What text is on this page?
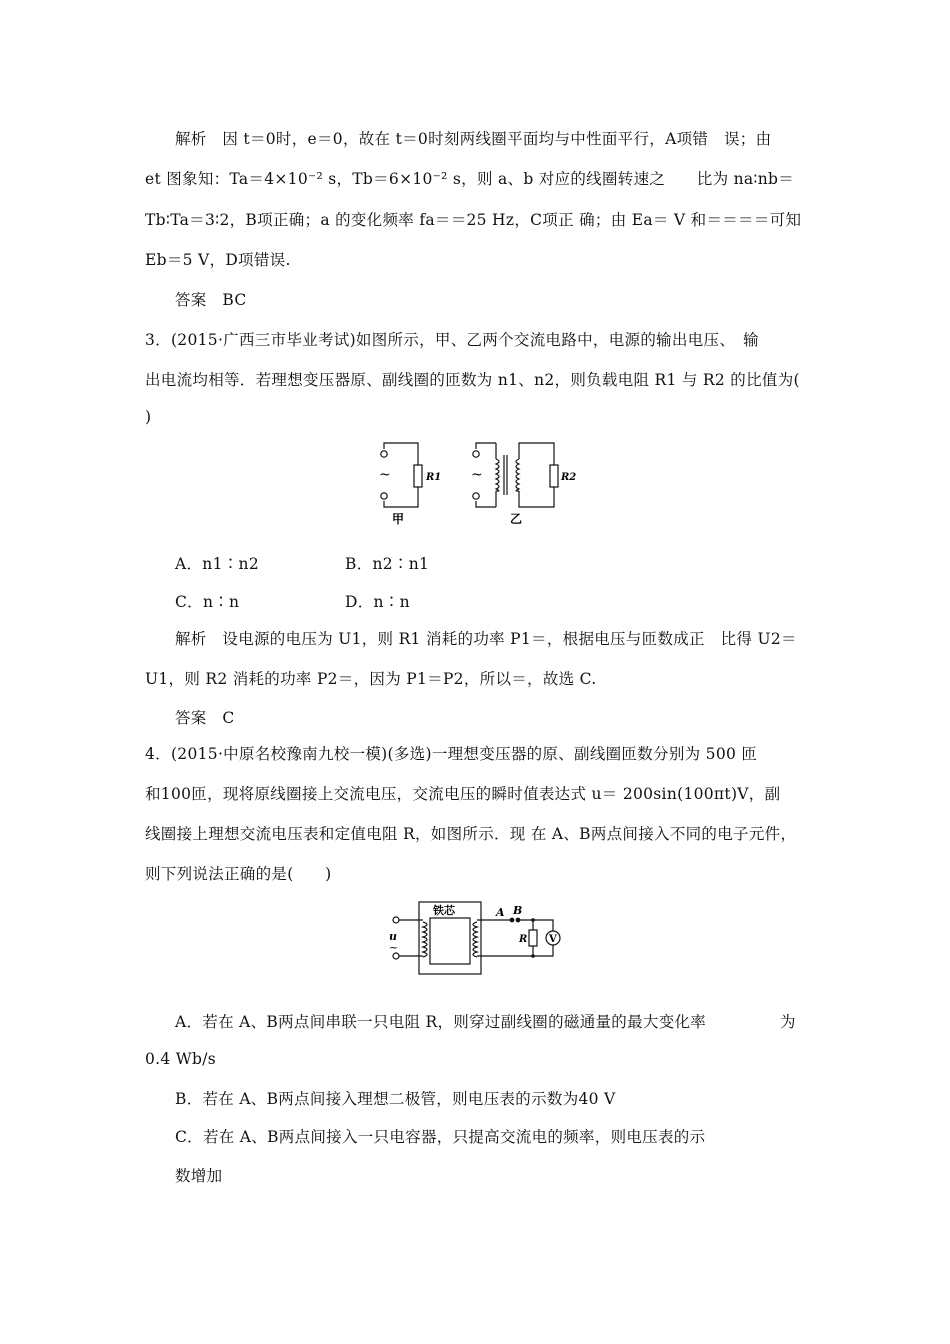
解析　因 t＝0时，e＝0，故在 t＝0时刻两线圈平面均与中性面平行，A项错　误；由
et 图象知：Ta＝4×10⁻² s，Tb＝6×10⁻² s，则 a、b 对应的线圈转速之　　比为 na∶nb＝
Tb∶Ta＝3∶2，B项正确；a 的变化频率 fa＝＝25 Hz，C项正 确；由 Ea＝ V 和＝＝＝＝可知
Eb＝5 V，D项错误.
答案　BC
3．(2015·广西三市毕业考试)如图所示，甲、乙两个交流电路中，电源的输出电压、　输
出电流均相等．若理想变压器原、副线圈的匝数为 n1、n2，则负载电阻 R1 与 R2 的比值为(
)
~	~
R1	R2
甲	乙
A．n1∶n2	B．n2∶n1
C．n∶n	D．n∶n
解析　设电源的电压为 U1，则 R1 消耗的功率 P1＝，根据电压与匝数成正　比得 U2＝
U1，则 R2 消耗的功率 P2＝，因为 P1＝P2，所以＝，故选 C.
答案　C
4．(2015·中原名校豫南九校一模)(多选)一理想变压器的原、副线圈匝数分别为 500 匝
和100匝，现将原线圈接上交流电压，交流电压的瞬时值表达式 u＝ 200sin(100πt)V，副
线圈接上理想交流电压表和定值电阻 R，如图所示．现 在 A、B两点间接入不同的电子元件，
则下列说法正确的是(　　)
铁芯
u
~
A B
R V
A．若在 A、B两点间串联一只电阻 R，则穿过副线圈的磁通量的最大变化率	为
0.4 Wb/s
B．若在 A、B两点间接入理想二极管，则电压表的示数为40 V
C．若在 A、B两点间接入一只电容器，只提高交流电的频率，则电压表的示
数增加
